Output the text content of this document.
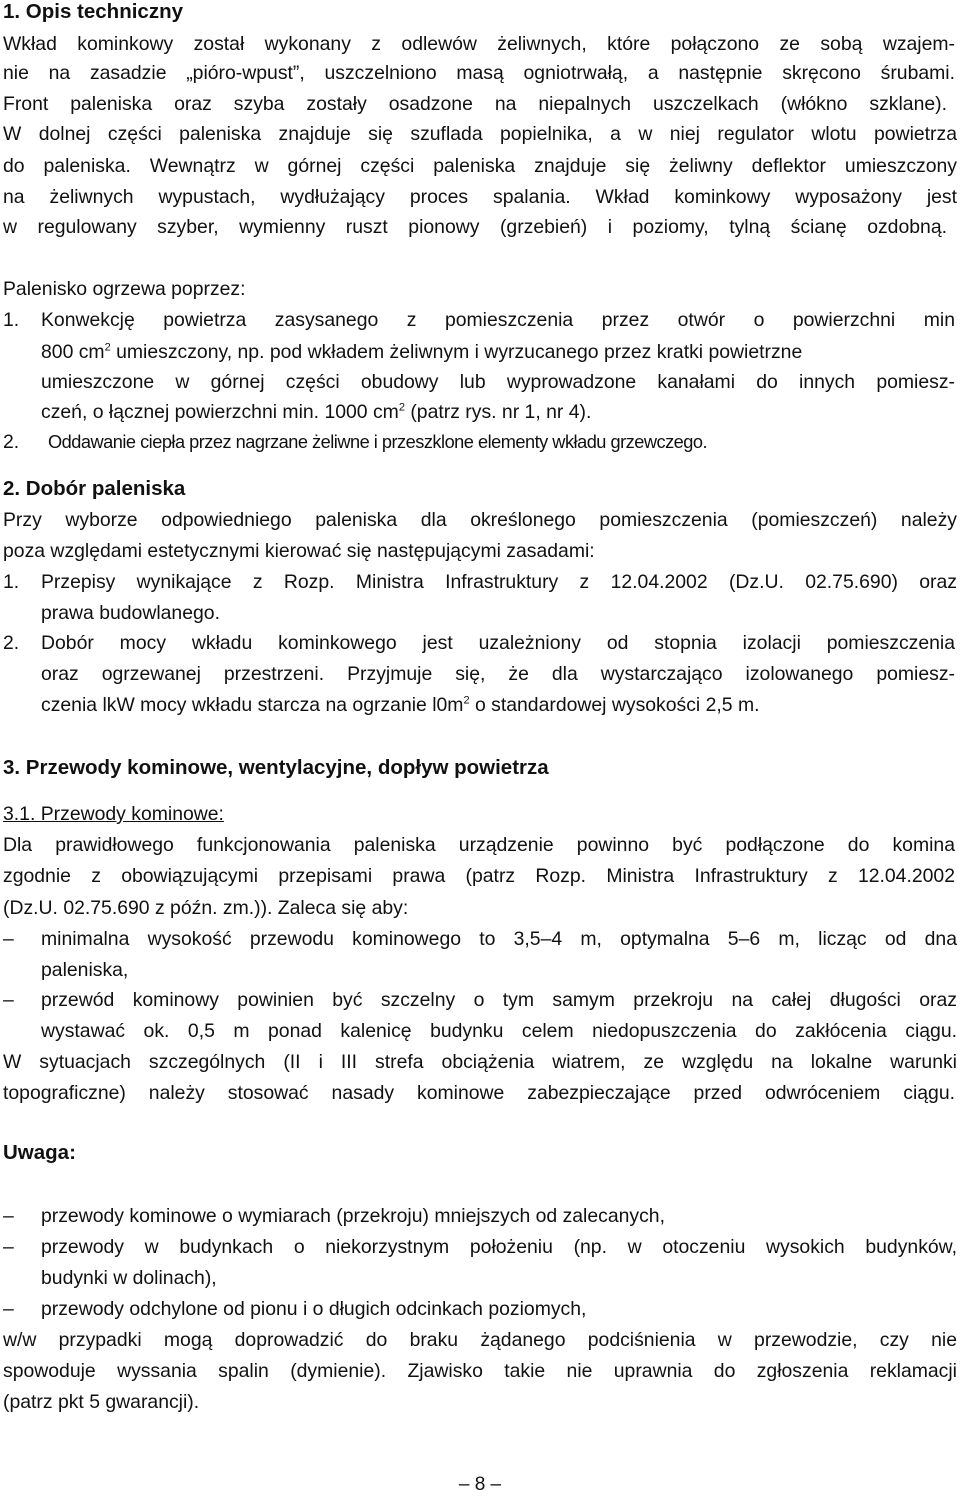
1. Opis techniczny
Wkład kominkowy został wykonany z odlewów żeliwnych, które połączono ze sobą wzajem-
nie na zasadzie „pióro-wpust”, uszczelniono masą ogniotrwałą, a następnie skręcono śrubami.
Front paleniska oraz szyba zostały osadzone na niepalnych uszczelkach (włókno szklane).
W dolnej części paleniska znajduje się szuflada popielnika, a w niej regulator wlotu powietrza
do paleniska. Wewnątrz w górnej części paleniska znajduje się żeliwny deflektor umieszczony
na żeliwnych wypustach, wydłużający proces spalania. Wkład kominkowy wyposażony jest
w regulowany szyber, wymienny ruszt pionowy (grzebień) i poziomy, tylną ścianę ozdobną.
Palenisko ogrzewa poprzez:
1. Konwekcję powietrza zasysanego z pomieszczenia przez otwór o powierzchni min
800 $cm^2$ umieszczony, np. pod wkładem żeliwnym i wyrzucanego przez kratki powietrzne
umieszczone w górnej części obudowy lub wyprowadzone kanałami do innych pomiesz-
czeń, o łącznej powierzchni min. 1000 $cm^2$ (patrz rys. nr 1, nr 4).
2. Oddawanie ciepła przez nagrzane żeliwne i przeszklone elementy wkładu grzewczego.
2. Dobór paleniska
Przy wyborze odpowiedniego paleniska dla określonego pomieszczenia (pomieszczeń) należy
poza względami estetycznymi kierować się następującymi zasadami:
1. Przepisy wynikające z Rozp. Ministra Infrastruktury z 12.04.2002 (Dz.U. 02.75.690) oraz
prawa budowlanego.
2. Dobór mocy wkładu kominkowego jest uzależniony od stopnia izolacji pomieszczenia
oraz ogrzewanej przestrzeni. Przyjmuje się, że dla wystarczająco izolowanego pomiesz-
czenia lkW mocy wkładu starcza na ogrzanie $l0m^2$ o standardowej wysokości 2,5 m.
3. Przewody kominowe, wentylacyjne, dopływ powietrza
3.1. Przewody kominowe:
Dla prawidłowego funkcjonowania paleniska urządzenie powinno być podłączone do komina
zgodnie z obowiązującymi przepisami prawa (patrz Rozp. Ministra Infrastruktury z 12.04.2002
(Dz.U. 02.75.690 z późn. zm.)). Zaleca się aby:
– minimalna wysokość przewodu kominowego to 3,5–4 m, optymalna 5–6 m, licząc od dna
paleniska,
– przewód kominowy powinien być szczelny o tym samym przekroju na całej długości oraz
wystawać ok. 0,5 m ponad kalenicę budynku celem niedopuszczenia do zakłócenia ciągu.
W sytuacjach szczególnych (II i III strefa obciążenia wiatrem, ze względu na lokalne warunki
topograficzne) należy stosować nasady kominowe zabezpieczające przed odwróceniem ciągu.
Uwaga:
– przewody kominowe o wymiarach (przekroju) mniejszych od zalecanych,
– przewody w budynkach o niekorzystnym położeniu (np. w otoczeniu wysokich budynków,
budynki w dolinach),
– przewody odchylone od pionu i o długich odcinkach poziomych,
w/w przypadki mogą doprowadzić do braku żądanego podciśnienia w przewodzie, czy nie
spowoduje wyssania spalin (dymienie). Zjawisko takie nie uprawnia do zgłoszenia reklamacji
(patrz pkt 5 gwarancji).
– 8 –
